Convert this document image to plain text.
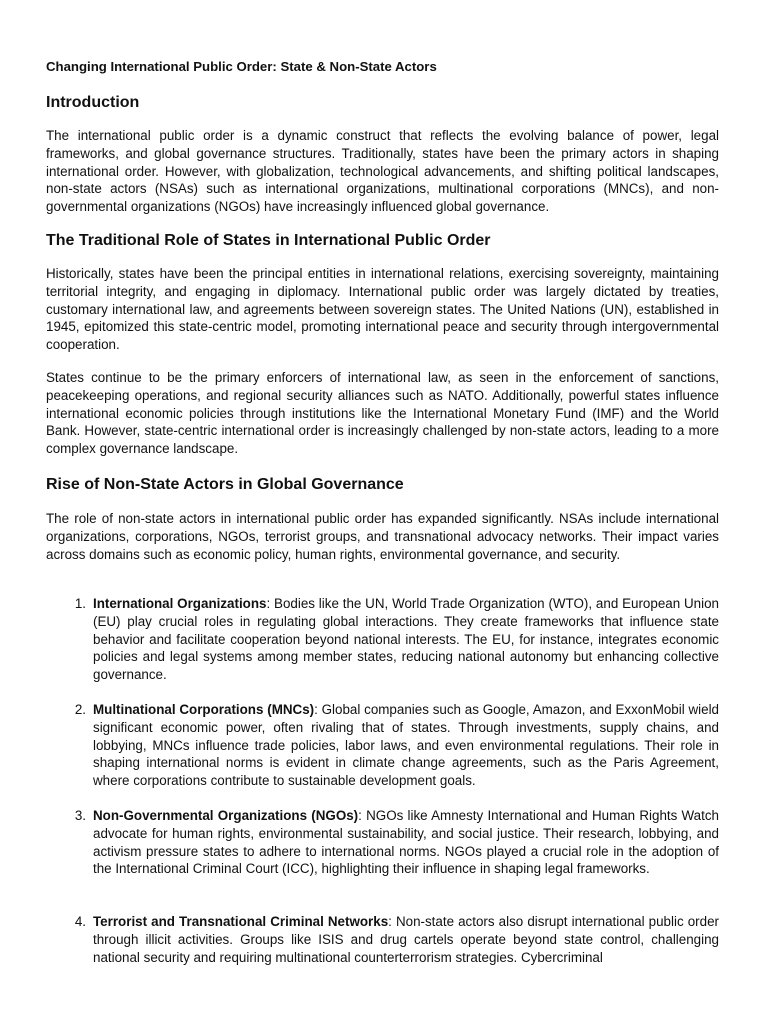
Changing International Public Order: State & Non-State Actors
Introduction

The international public order is a dynamic construct that reflects the evolving balance of power, legal frameworks, and global governance structures. Traditionally, states have been the primary actors in shaping international order. However, with globalization, technological advancements, and shifting political landscapes, non-state actors (NSAs) such as international organizations, multinational corporations (MNCs), and non-governmental organizations (NGOs) have increasingly influenced global governance.

The Traditional Role of States in International Public Order

Historically, states have been the principal entities in international relations, exercising sovereignty, maintaining territorial integrity, and engaging in diplomacy. International public order was largely dictated by treaties, customary international law, and agreements between sovereign states. The United Nations (UN), established in 1945, epitomized this state-centric model, promoting international peace and security through intergovernmental cooperation.

States continue to be the primary enforcers of international law, as seen in the enforcement of sanctions, peacekeeping operations, and regional security alliances such as NATO. Additionally, powerful states influence international economic policies through institutions like the International Monetary Fund (IMF) and the World Bank. However, state-centric international order is increasingly challenged by non-state actors, leading to a more complex governance landscape.

Rise of Non-State Actors in Global Governance

The role of non-state actors in international public order has expanded significantly. NSAs include international organizations, corporations, NGOs, terrorist groups, and transnational advocacy networks. Their impact varies across domains such as economic policy, human rights, environmental governance, and security.

1. International Organizations: Bodies like the UN, World Trade Organization (WTO), and European Union (EU) play crucial roles in regulating global interactions. They create frameworks that influence state behavior and facilitate cooperation beyond national interests. The EU, for instance, integrates economic policies and legal systems among member states, reducing national autonomy but enhancing collective governance.
2. Multinational Corporations (MNCs): Global companies such as Google, Amazon, and ExxonMobil wield significant economic power, often rivaling that of states. Through investments, supply chains, and lobbying, MNCs influence trade policies, labor laws, and even environmental regulations. Their role in shaping international norms is evident in climate change agreements, such as the Paris Agreement, where corporations contribute to sustainable development goals.
3. Non-Governmental Organizations (NGOs): NGOs like Amnesty International and Human Rights Watch advocate for human rights, environmental sustainability, and social justice. Their research, lobbying, and activism pressure states to adhere to international norms. NGOs played a crucial role in the adoption of the International Criminal Court (ICC), highlighting their influence in shaping legal frameworks.
4. Terrorist and Transnational Criminal Networks: Non-state actors also disrupt international public order through illicit activities. Groups like ISIS and drug cartels operate beyond state control, challenging national security and requiring multinational counterterrorism strategies. Cybercriminal
